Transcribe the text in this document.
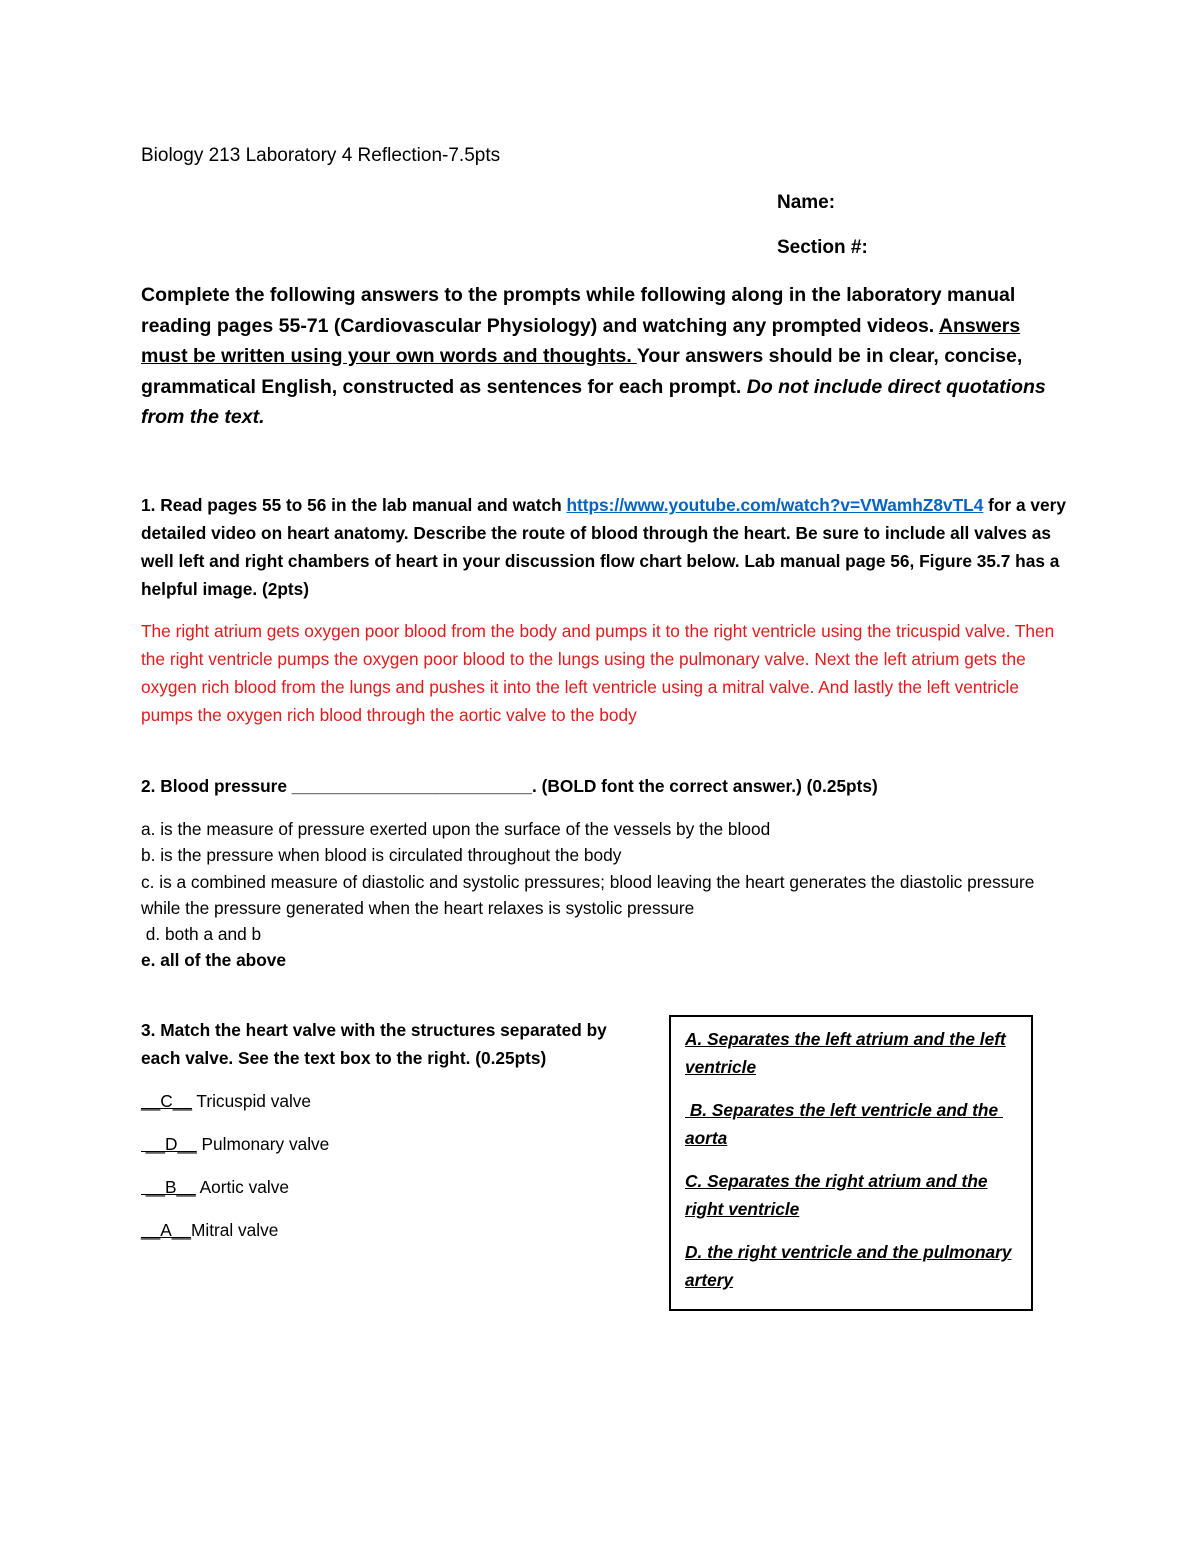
Biology 213 Laboratory 4 Reflection-7.5pts
Name:
Section #:
Complete the following answers to the prompts while following along in the laboratory manual reading pages 55-71 (Cardiovascular Physiology) and watching any prompted videos. Answers must be written using your own words and thoughts. Your answers should be in clear, concise, grammatical English, constructed as sentences for each prompt. Do not include direct quotations from the text.
1. Read pages 55 to 56 in the lab manual and watch https://www.youtube.com/watch?v=VWamhZ8vTL4 for a very detailed video on heart anatomy. Describe the route of blood through the heart. Be sure to include all valves as well left and right chambers of heart in your discussion flow chart below. Lab manual page 56, Figure 35.7 has a helpful image. (2pts)
The right atrium gets oxygen poor blood from the body and pumps it to the right ventricle using the tricuspid valve. Then the right ventricle pumps the oxygen poor blood to the lungs using the pulmonary valve. Next the left atrium gets the oxygen rich blood from the lungs and pushes it into the left ventricle using a mitral valve. And lastly the left ventricle pumps the oxygen rich blood through the aortic valve to the body
2. Blood pressure _________________________. (BOLD font the correct answer.) (0.25pts)
a. is the measure of pressure exerted upon the surface of the vessels by the blood
b. is the pressure when blood is circulated throughout the body
c. is a combined measure of diastolic and systolic pressures; blood leaving the heart generates the diastolic pressure while the pressure generated when the heart relaxes is systolic pressure
d. both a and b
e. all of the above
3. Match the heart valve with the structures separated by each valve. See the text box to the right. (0.25pts)
__C__ Tricuspid valve
__D__ Pulmonary valve
__B__ Aortic valve
__A__Mitral valve
A. Separates the left atrium and the left ventricle
B. Separates the left ventricle and the aorta
C. Separates the right atrium and the right ventricle
D. the right ventricle and the pulmonary artery
